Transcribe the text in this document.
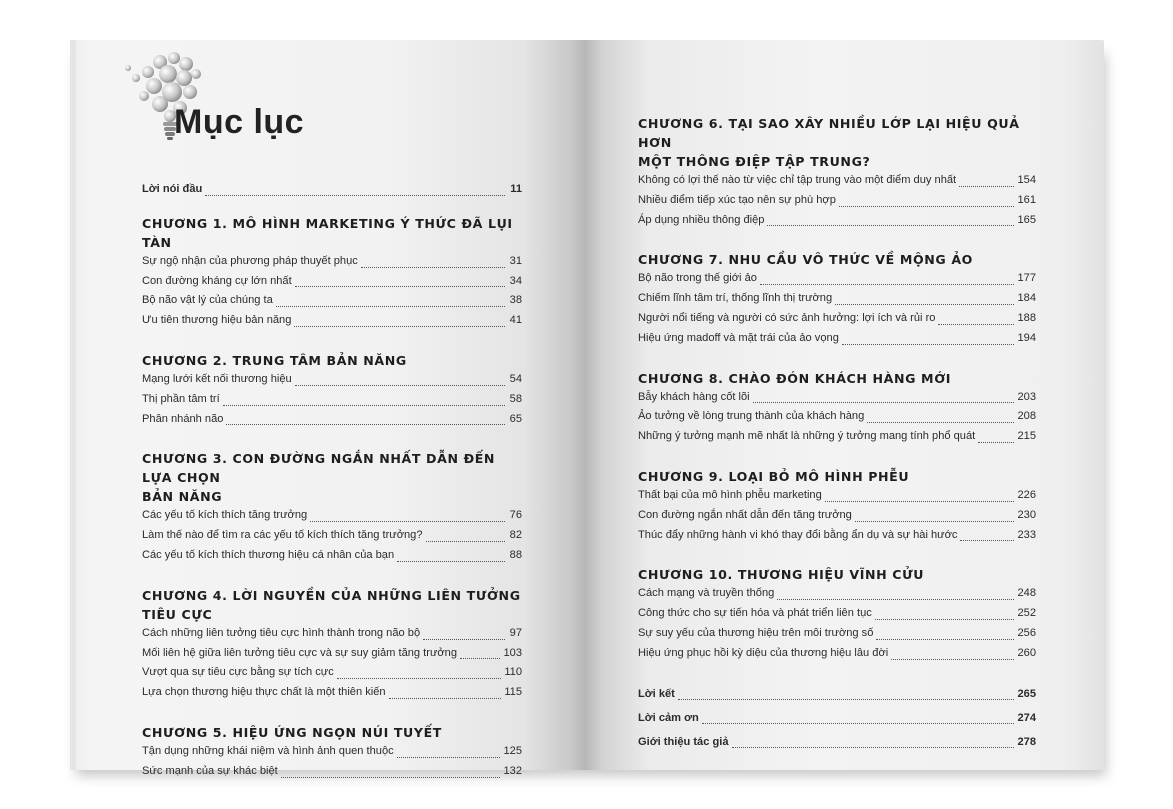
Mục lục
Lời nói đầu	11

CHƯƠNG 1. MÔ HÌNH MARKETING Ý THỨC ĐÃ LỤI TÀN

Sự ngộ nhận của phương pháp thuyết phục	31
Con đường kháng cự lớn nhất	34
Bộ não vật lý của chúng ta	38
Ưu tiên thương hiệu bản năng	41

CHƯƠNG 2. TRUNG TÂM BẢN NĂNG

Mạng lưới kết nối thương hiệu	54
Thị phần tâm trí	58
Phân nhánh não	65

CHƯƠNG 3. CON ĐƯỜNG NGẮN NHẤT DẪN ĐẾN LỰA CHỌN

BẢN NĂNG

Các yếu tố kích thích tăng trưởng	76
Làm thế nào để tìm ra các yếu tố kích thích tăng trưởng?	82
Các yếu tố kích thích thương hiệu cá nhân của bạn	88

CHƯƠNG 4. LỜI NGUYỀN CỦA NHỮNG LIÊN TƯỞNG TIÊU CỰC

Cách những liên tưởng tiêu cực hình thành trong não bộ	97
Mối liên hệ giữa liên tưởng tiêu cực và sự suy giảm tăng trưởng	103
Vượt qua sự tiêu cực bằng sự tích cực	110
Lựa chọn thương hiệu thực chất là một thiên kiến	115

CHƯƠNG 5. HIỆU ỨNG NGỌN NÚI TUYẾT

Tận dụng những khái niệm và hình ảnh quen thuộc	125
Sức mạnh của sự khác biệt	132

CHƯƠNG 6. TẠI SAO XÂY NHIỀU LỚP LẠI HIỆU QUẢ HƠN

MỘT THÔNG ĐIỆP TẬP TRUNG?

Không có lợi thế nào từ việc chỉ tập trung vào một điểm duy nhất	154
Nhiều điểm tiếp xúc tạo nên sự phù hợp	161
Áp dụng nhiều thông điệp	165

CHƯƠNG 7. NHU CẦU VÔ THỨC VỀ MỘNG ẢO

Bộ não trong thế giới ảo	177
Chiếm lĩnh tâm trí, thống lĩnh thị trường	184
Người nổi tiếng và người có sức ảnh hưởng: lợi ích và rủi ro	188
Hiệu ứng madoff và mặt trái của ảo vọng	194

CHƯƠNG 8. CHÀO ĐÓN KHÁCH HÀNG MỚI

Bẫy khách hàng cốt lõi	203
Ảo tưởng về lòng trung thành của khách hàng	208
Những ý tưởng mạnh mẽ nhất là những ý tưởng mang tính phổ quát	215

CHƯƠNG 9. LOẠI BỎ MÔ HÌNH PHỄU

Thất bại của mô hình phễu marketing	226
Con đường ngắn nhất dẫn đến tăng trưởng	230
Thúc đẩy những hành vi khó thay đổi bằng ẩn dụ và sự hài hước	233

CHƯƠNG 10. THƯƠNG HIỆU VĨNH CỬU

Cách mạng và truyền thống	248
Công thức cho sự tiến hóa và phát triển liên tục	252
Sự suy yếu của thương hiệu trên môi trường số	256
Hiệu ứng phục hồi kỳ diệu của thương hiệu lâu đời	260
Lời kết	265
Lời cảm ơn	274
Giới thiệu tác giả	278
